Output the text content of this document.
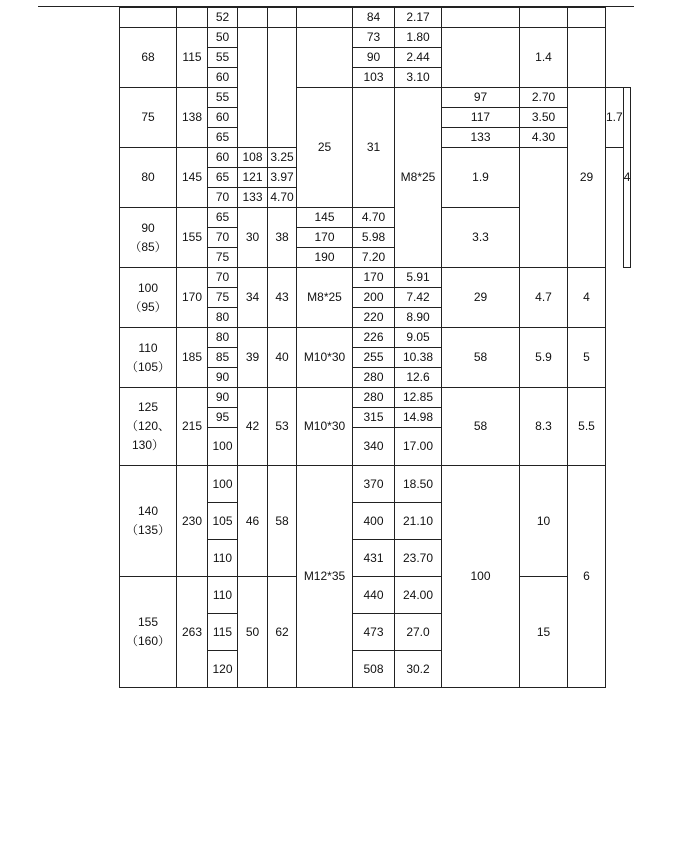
		52				84	2.17					
68	115	50				73	1.80		1.4			
		55				90	2.44					
		60				103	3.10					
75	138	55			25	31	M8*25	97	2.70	29	1.7	4
		60						117	3.50			
		65						133	4.30			
80	145	60	108	3.25				1.9				
		65	121	3.97								
		70	133	4.70								
90
（85）	155	65	30	38	145	4.70		3.3				
		70			170	5.98						
		75			190	7.20						
100
（95）	170	70	34	43	M8*25	170	5.91	29	4.7	4		
		75				200	7.42					
		80				220	8.90					
110
（105）	185	80	39	40	M10*30	226	9.05	58	5.9	5		
		85				255	10.38					
		90				280	12.6					
125
（120、
130）	215	90	42	53	M10*30	280	12.85	58	8.3	5.5		
		95				315	14.98					
		100				340	17.00					
140
（135）	230	100	46	58	M12*35	370	18.50	100	10	6		
		105				400	21.10					
		110				431	23.70					
155
（160）	263	110	50	62		440	24.00		15			
		115				473	27.0					
		120				508	30.2					
